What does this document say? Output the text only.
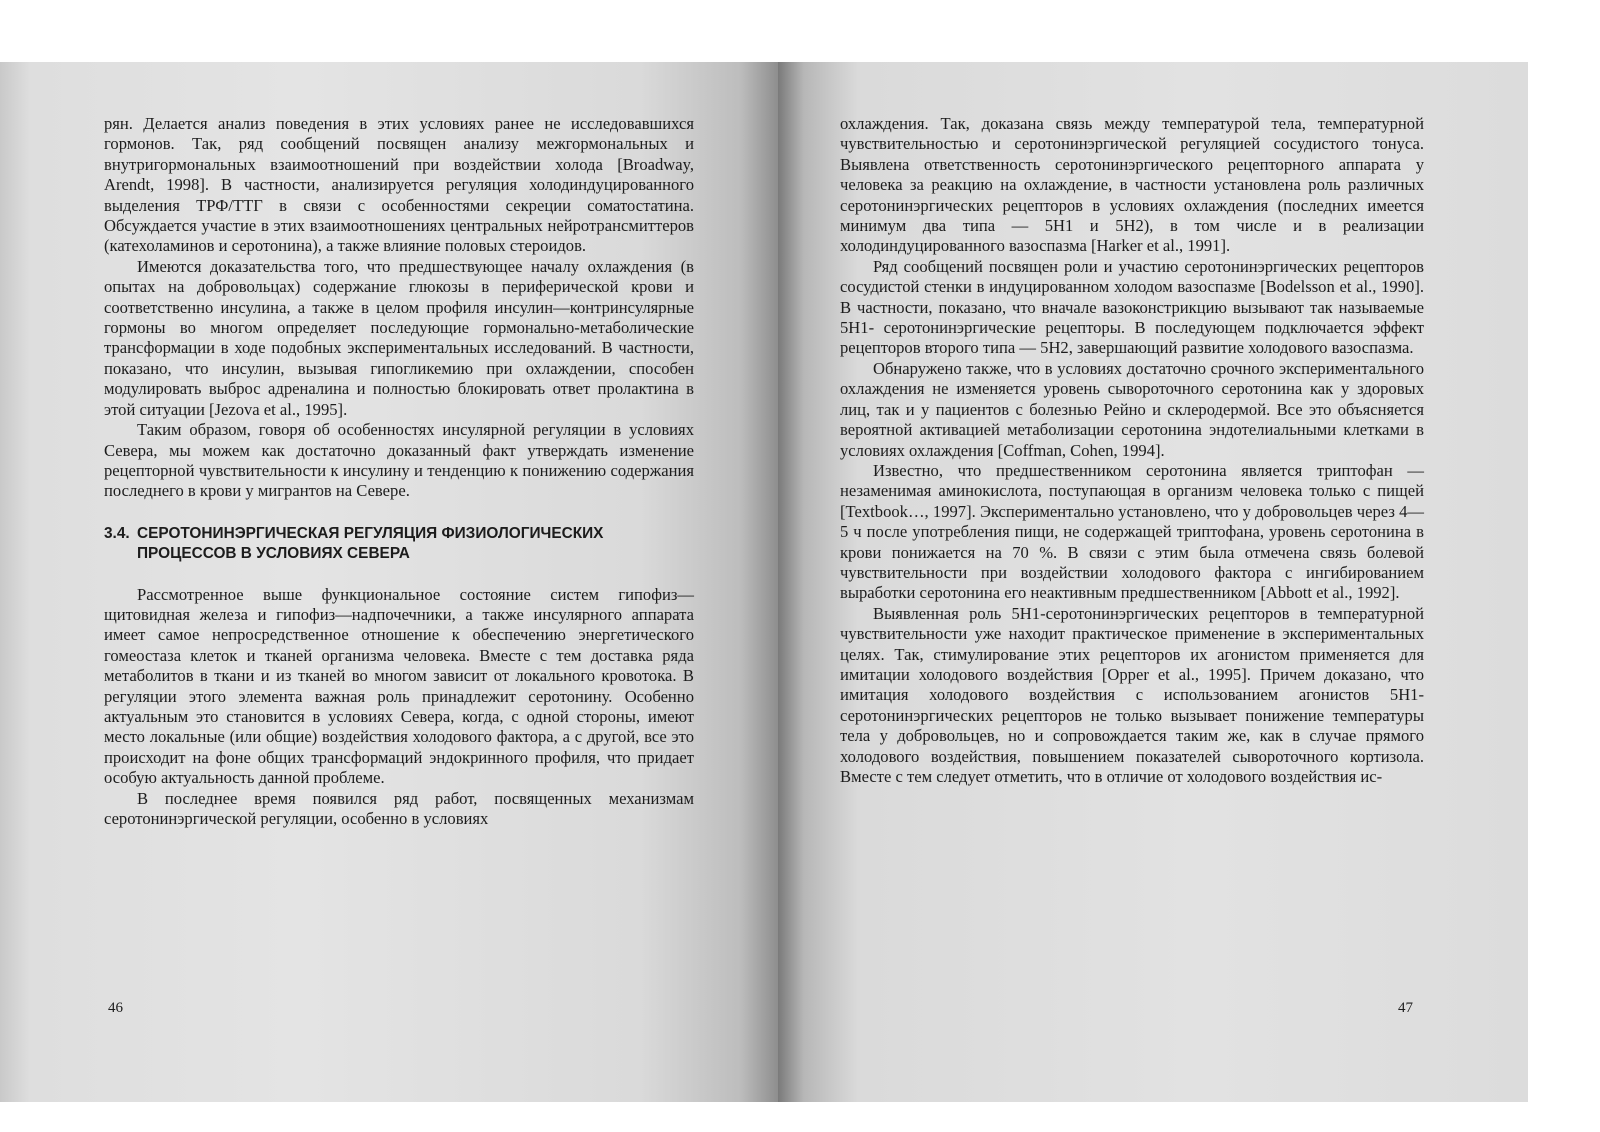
рян. Делается анализ поведения в этих условиях ранее не исследовавшихся гормонов. Так, ряд сообщений посвящен анализу межгормональных и внутригормональных взаимоотношений при воздействии холода [Broadway, Arendt, 1998]. В частности, анализируется регуляция холодиндуцированного выделения ТРФ/ТТГ в связи с особенностями секреции соматостатина. Обсуждается участие в этих взаимоотношениях центральных нейротрансмиттеров (катехоламинов и серотонина), а также влияние половых стероидов.

Имеются доказательства того, что предшествующее началу охлаждения (в опытах на добровольцах) содержание глюкозы в периферической крови и соответственно инсулина, а также в целом профиля инсулин—контринсулярные гормоны во многом определяет последующие гормонально-метаболические трансформации в ходе подобных экспериментальных исследований. В частности, показано, что инсулин, вызывая гипогликемию при охлаждении, способен модулировать выброс адреналина и полностью блокировать ответ пролактина в этой ситуации [Jezova et al., 1995].

Таким образом, говоря об особенностях инсулярной регуляции в условиях Севера, мы можем как достаточно доказанный факт утверждать изменение рецепторной чувствительности к инсулину и тенденцию к понижению содержания последнего в крови у мигрантов на Севере.

3.4. СЕРОТОНИНЭРГИЧЕСКАЯ РЕГУЛЯЦИЯ ФИЗИОЛОГИЧЕСКИХ ПРОЦЕССОВ В УСЛОВИЯХ СЕВЕРА

Рассмотренное выше функциональное состояние систем гипофиз—щитовидная железа и гипофиз—надпочечники, а также инсулярного аппарата имеет самое непросредственное отношение к обеспечению энергетического гомеостаза клеток и тканей организма человека. Вместе с тем доставка ряда метаболитов в ткани и из тканей во многом зависит от локального кровотока. В регуляции этого элемента важная роль принадлежит серотонину. Особенно актуальным это становится в условиях Севера, когда, с одной стороны, имеют место локальные (или общие) воздействия холодового фактора, а с другой, все это происходит на фоне общих трансформаций эндокринного профиля, что придает особую актуальность данной проблеме.

В последнее время появился ряд работ, посвященных механизмам серотонинэргической регуляции, особенно в условиях

46

охлаждения. Так, доказана связь между температурой тела, температурной чувствительностью и серотонинэргической регуляцией сосудистого тонуса. Выявлена ответственность серотонинэргического рецепторного аппарата у человека за реакцию на охлаждение, в частности установлена роль различных серотонинэргических рецепторов в условиях охлаждения (последних имеется минимум два типа — 5Н1 и 5Н2), в том числе и в реализации холодиндуцированного вазоспазма [Harker et al., 1991].

Ряд сообщений посвящен роли и участию серотонинэргических рецепторов сосудистой стенки в индуцированном холодом вазоспазме [Bodelsson et al., 1990]. В частности, показано, что вначале вазоконстрикцию вызывают так называемые 5Н1- серотонинэргические рецепторы. В последующем подключается эффект рецепторов второго типа — 5Н2, завершающий развитие холодового вазоспазма.

Обнаружено также, что в условиях достаточно срочного экспериментального охлаждения не изменяется уровень сывороточного серотонина как у здоровых лиц, так и у пациентов с болезнью Рейно и склеродермой. Все это объясняется вероятной активацией метаболизации серотонина эндотелиальными клетками в условиях охлаждения [Coffman, Cohen, 1994].

Известно, что предшественником серотонина является триптофан — незаменимая аминокислота, поступающая в организм человека только с пищей [Textbook…, 1997]. Экспериментально установлено, что у добровольцев через 4—5 ч после употребления пищи, не содержащей триптофана, уровень серотонина в крови понижается на 70 %. В связи с этим была отмечена связь болевой чувствительности при воздействии холодового фактора с ингибированием выработки серотонина его неактивным предшественником [Abbott et al., 1992].

Выявленная роль 5Н1-серотонинэргических рецепторов в температурной чувствительности уже находит практическое применение в экспериментальных целях. Так, стимулирование этих рецепторов их агонистом применяется для имитации холодового воздействия [Opper et al., 1995]. Причем доказано, что имитация холодового воздействия с использованием агонистов 5Н1- серотонинэргических рецепторов не только вызывает понижение температуры тела у добровольцев, но и сопровождается таким же, как в случае прямого холодового воздействия, повышением показателей сывороточного кортизола. Вместе с тем следует отметить, что в отличие от холодового воздействия ис-

47
